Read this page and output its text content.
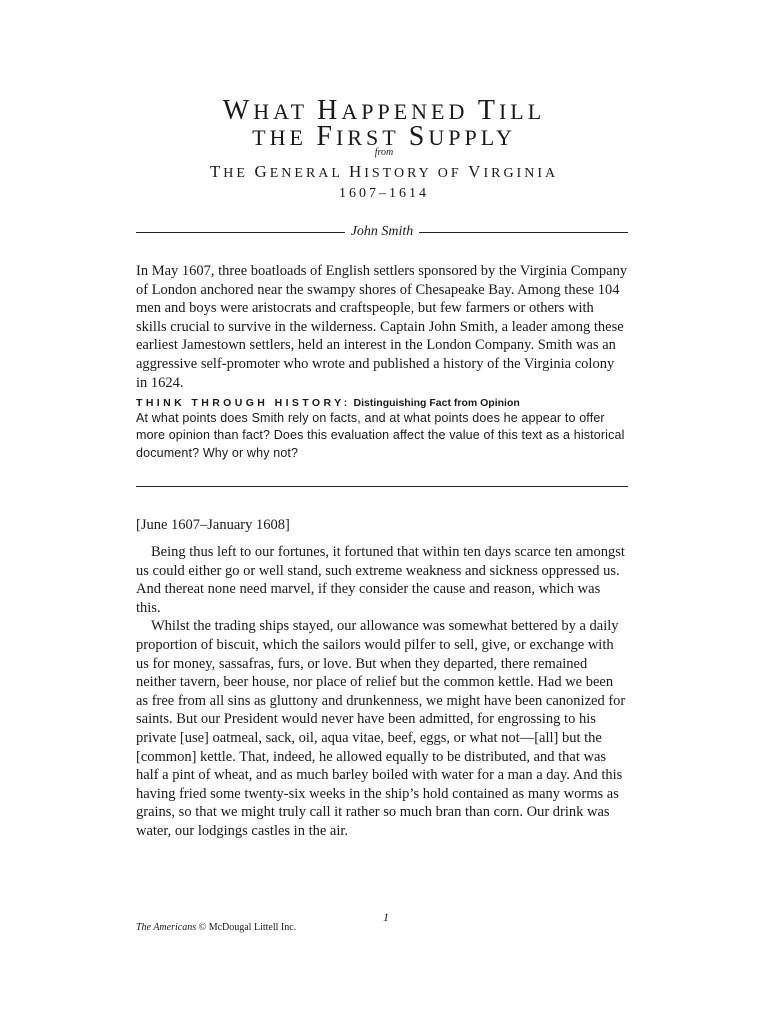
WHAT HAPPENED TILL
THE FIRST SUPPLY
from
THE GENERAL HISTORY OF VIRGINIA
1607–1614
John Smith

In May 1607, three boatloads of English settlers sponsored by the Virginia Company of London anchored near the swampy shores of Chesapeake Bay. Among these 104 men and boys were aristocrats and craftspeople, but few farmers or others with skills crucial to survive in the wilderness. Captain John Smith, a leader among these earliest Jamestown settlers, held an interest in the London Company. Smith was an aggressive self-promoter who wrote and published a history of the Virginia colony in 1624.

THINK THROUGH HISTORY: Distinguishing Fact from Opinion

At what points does Smith rely on facts, and at what points does he appear to offer more opinion than fact? Does this evaluation affect the value of this text as a historical document? Why or why not?

[June 1607–January 1608]

Being thus left to our fortunes, it fortuned that within ten days scarce ten amongst us could either go or well stand, such extreme weakness and sickness oppressed us. And thereat none need marvel, if they consider the cause and reason, which was this.

Whilst the trading ships stayed, our allowance was somewhat bettered by a daily proportion of biscuit, which the sailors would pilfer to sell, give, or exchange with us for money, sassafras, furs, or love. But when they departed, there remained neither tavern, beer house, nor place of relief but the common kettle. Had we been as free from all sins as gluttony and drunkenness, we might have been canonized for saints. But our President would never have been admitted, for engrossing to his private [use] oatmeal, sack, oil, aqua vitae, beef, eggs, or what not—[all] but the [common] kettle. That, indeed, he allowed equally to be distributed, and that was half a pint of wheat, and as much barley boiled with water for a man a day. And this having fried some twenty-six weeks in the ship’s hold contained as many worms as grains, so that we might truly call it rather so much bran than corn. Our drink was water, our lodgings castles in the air.

1
The Americans © McDougal Littell Inc.
